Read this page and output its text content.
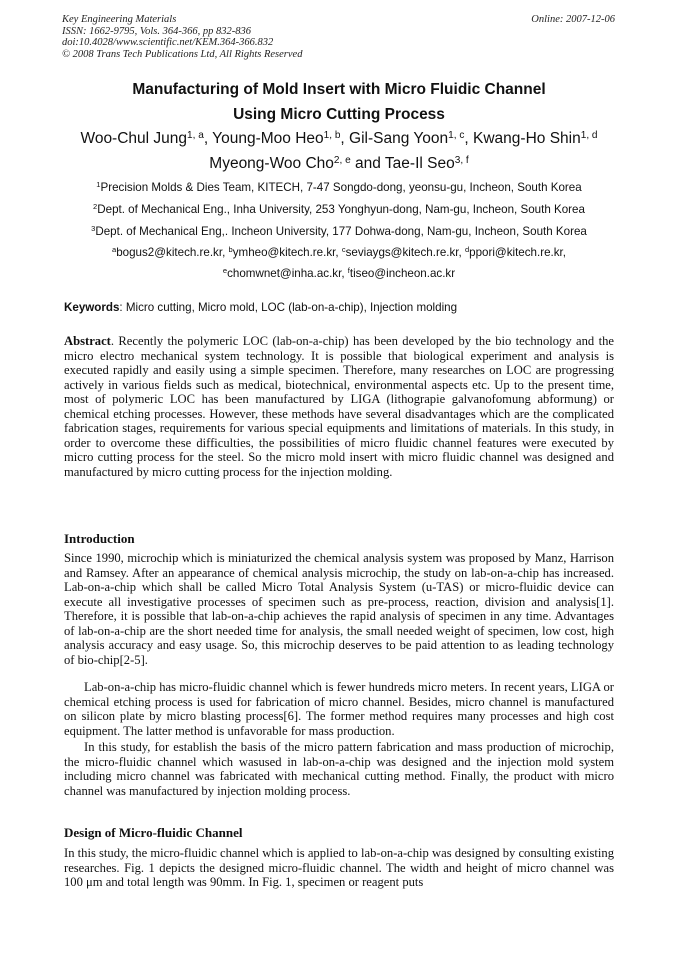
Key Engineering Materials
ISSN: 1662-9795, Vols. 364-366, pp 832-836
doi:10.4028/www.scientific.net/KEM.364-366.832
© 2008 Trans Tech Publications Ltd, All Rights Reserved
Online: 2007-12-06
Manufacturing of Mold Insert with Micro Fluidic Channel
Using Micro Cutting Process
Woo-Chul Jung$^{1, a}$, Young-Moo Heo$^{1, b}$, Gil-Sang Yoon$^{1, c}$, Kwang-Ho Shin$^{1, d}$
Myeong-Woo Cho$^{2, e}$ and Tae-Il Seo$^{3, f}$
$^1$Precision Molds & Dies Team, KITECH, 7-47 Songdo-dong, yeonsu-gu, Incheon, South Korea
$^2$Dept. of Mechanical Eng., Inha University, 253 Yonghyun-dong, Nam-gu, Incheon, South Korea
$^3$Dept. of Mechanical Eng,. Incheon University, 177 Dohwa-dong, Nam-gu, Incheon, South Korea
$^a$bogus2@kitech.re.kr, $^b$ymheo@kitech.re.kr, $^c$seviaygs@kitech.re.kr, $^d$ppori@kitech.re.kr,
$^e$chomwnet@inha.ac.kr, $^f$tiseo@incheon.ac.kr
Keywords: Micro cutting, Micro mold, LOC (lab-on-a-chip), Injection molding

Abstract. Recently the polymeric LOC (lab-on-a-chip) has been developed by the bio technology and the micro electro mechanical system technology. It is possible that biological experiment and analysis is executed rapidly and easily using a simple specimen. Therefore, many researches on LOC are progressing actively in various fields such as medical, biotechnical, environmental aspects etc. Up to the present time, most of polymeric LOC has been manufactured by LIGA (lithograpie galvanofomung abformung) or chemical etching processes. However, these methods have several disadvantages which are the complicated fabrication stages, requirements for various special equipments and limitations of materials. In this study, in order to overcome these difficulties, the possibilities of micro fluidic channel features were executed by micro cutting process for the steel. So the micro mold insert with micro fluidic channel was designed and manufactured by micro cutting process for the injection molding.

Introduction

Since 1990, microchip which is miniaturized the chemical analysis system was proposed by Manz, Harrison and Ramsey. After an appearance of chemical analysis microchip, the study on lab-on-a-chip has increased. Lab-on-a-chip which shall be called Micro Total Analysis System (u-TAS) or micro-fluidic device can execute all investigative processes of specimen such as pre-process, reaction, division and analysis[1]. Therefore, it is possible that lab-on-a-chip achieves the rapid analysis of specimen in any time. Advantages of lab-on-a-chip are the short needed time for analysis, the small needed weight of specimen, low cost, high analysis accuracy and easy usage. So, this microchip deserves to be paid attention to as leading technology of bio-chip[2-5].

Lab-on-a-chip has micro-fluidic channel which is fewer hundreds micro meters. In recent years, LIGA or chemical etching process is used for fabrication of micro channel. Besides, micro channel is manufactured on silicon plate by micro blasting process[6]. The former method requires many processes and high cost equipment. The latter method is unfavorable for mass production.

In this study, for establish the basis of the micro pattern fabrication and mass production of microchip, the micro-fluidic channel which wasused in lab-on-a-chip was designed and the injection mold system including micro channel was fabricated with mechanical cutting method. Finally, the product with micro channel was manufactured by injection molding process.

Design of Micro-fluidic Channel

In this study, the micro-fluidic channel which is applied to lab-on-a-chip was designed by consulting existing researches. Fig. 1 depicts the designed micro-fluidic channel. The width and height of micro channel was 100 μm and total length was 90mm. In Fig. 1, specimen or reagent puts
